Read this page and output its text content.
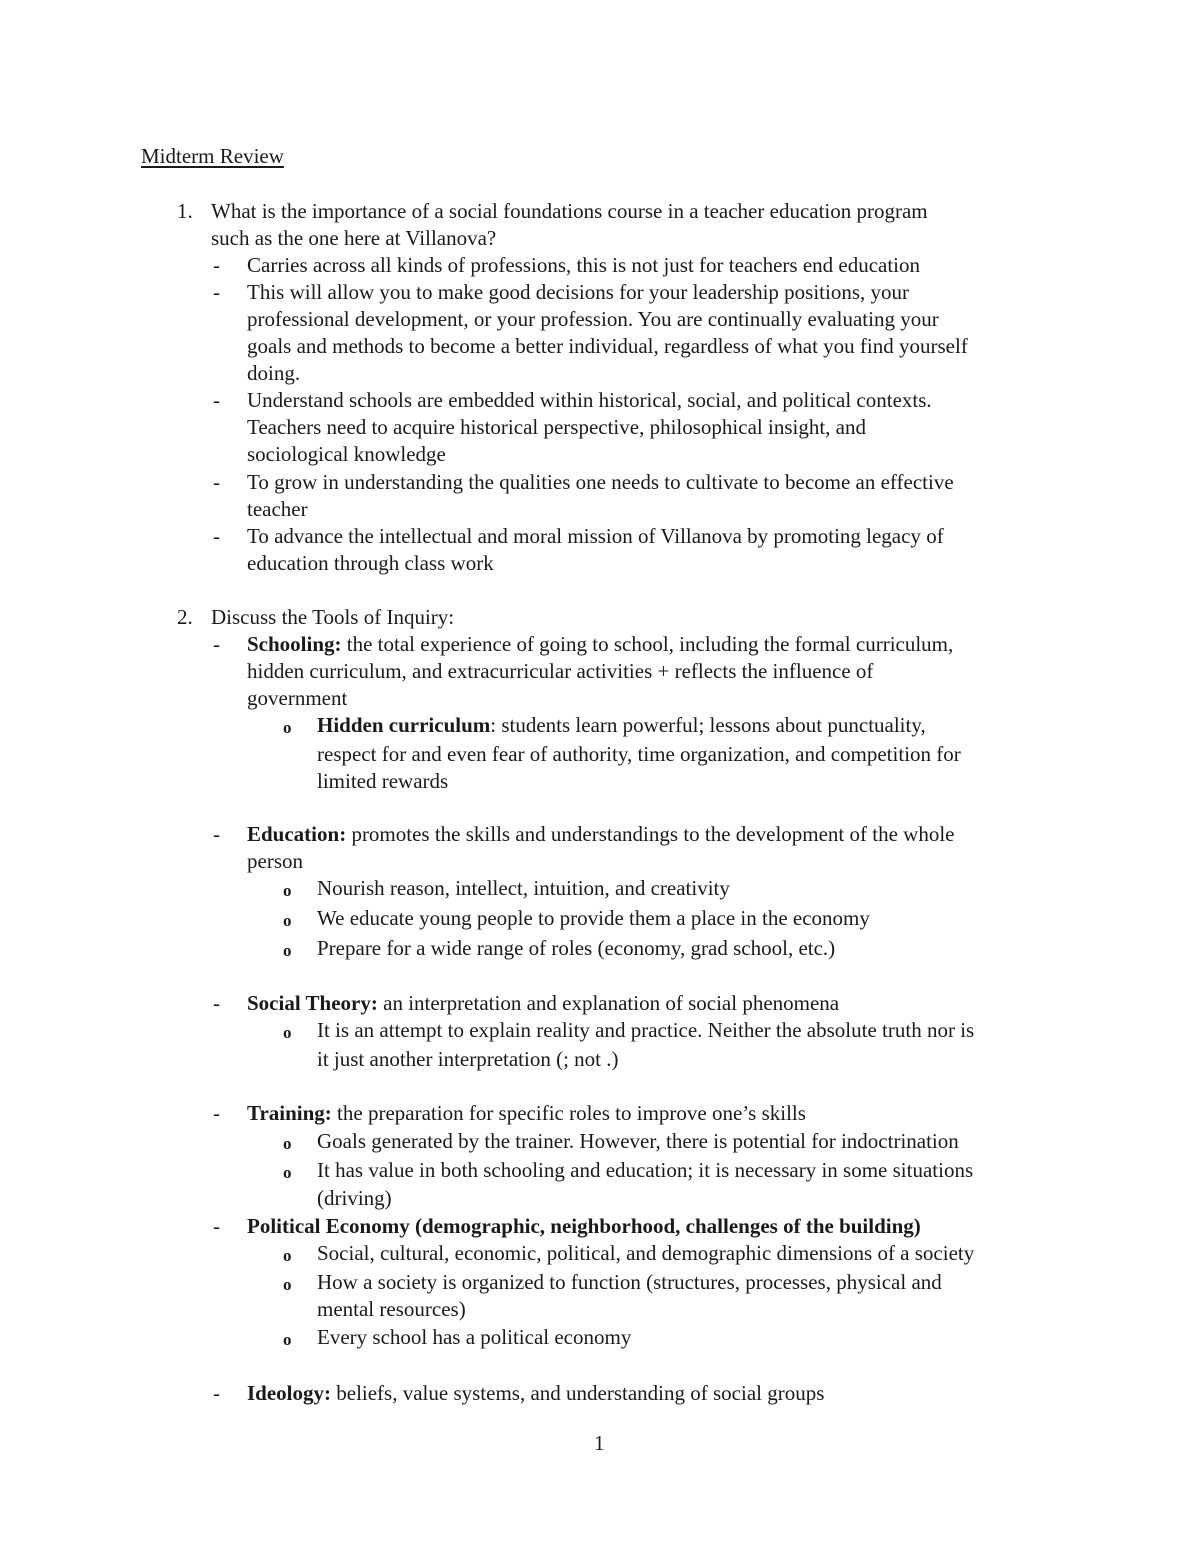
Midterm Review
1. What is the importance of a social foundations course in a teacher education program
such as the one here at Villanova?
- Carries across all kinds of professions, this is not just for teachers end education
- This will allow you to make good decisions for your leadership positions, your
professional development, or your profession. You are continually evaluating your
goals and methods to become a better individual, regardless of what you find yourself
doing.
- Understand schools are embedded within historical, social, and political contexts.
Teachers need to acquire historical perspective, philosophical insight, and
sociological knowledge
- To grow in understanding the qualities one needs to cultivate to become an effective
teacher
- To advance the intellectual and moral mission of Villanova by promoting legacy of
education through class work
2. Discuss the Tools of Inquiry:
- Schooling: the total experience of going to school, including the formal curriculum,
hidden curriculum, and extracurricular activities + reflects the influence of
government
o Hidden curriculum: students learn powerful; lessons about punctuality,
respect for and even fear of authority, time organization, and competition for
limited rewards
- Education: promotes the skills and understandings to the development of the whole
person
o Nourish reason, intellect, intuition, and creativity
o We educate young people to provide them a place in the economy
o Prepare for a wide range of roles (economy, grad school, etc.)
- Social Theory: an interpretation and explanation of social phenomena
o It is an attempt to explain reality and practice. Neither the absolute truth nor is
it just another interpretation (; not .)
- Training: the preparation for specific roles to improve one’s skills
o Goals generated by the trainer. However, there is potential for indoctrination
o It has value in both schooling and education; it is necessary in some situations
(driving)
- Political Economy (demographic, neighborhood, challenges of the building)
o Social, cultural, economic, political, and demographic dimensions of a society
o How a society is organized to function (structures, processes, physical and
mental resources)
o Every school has a political economy
- Ideology: beliefs, value systems, and understanding of social groups
1
